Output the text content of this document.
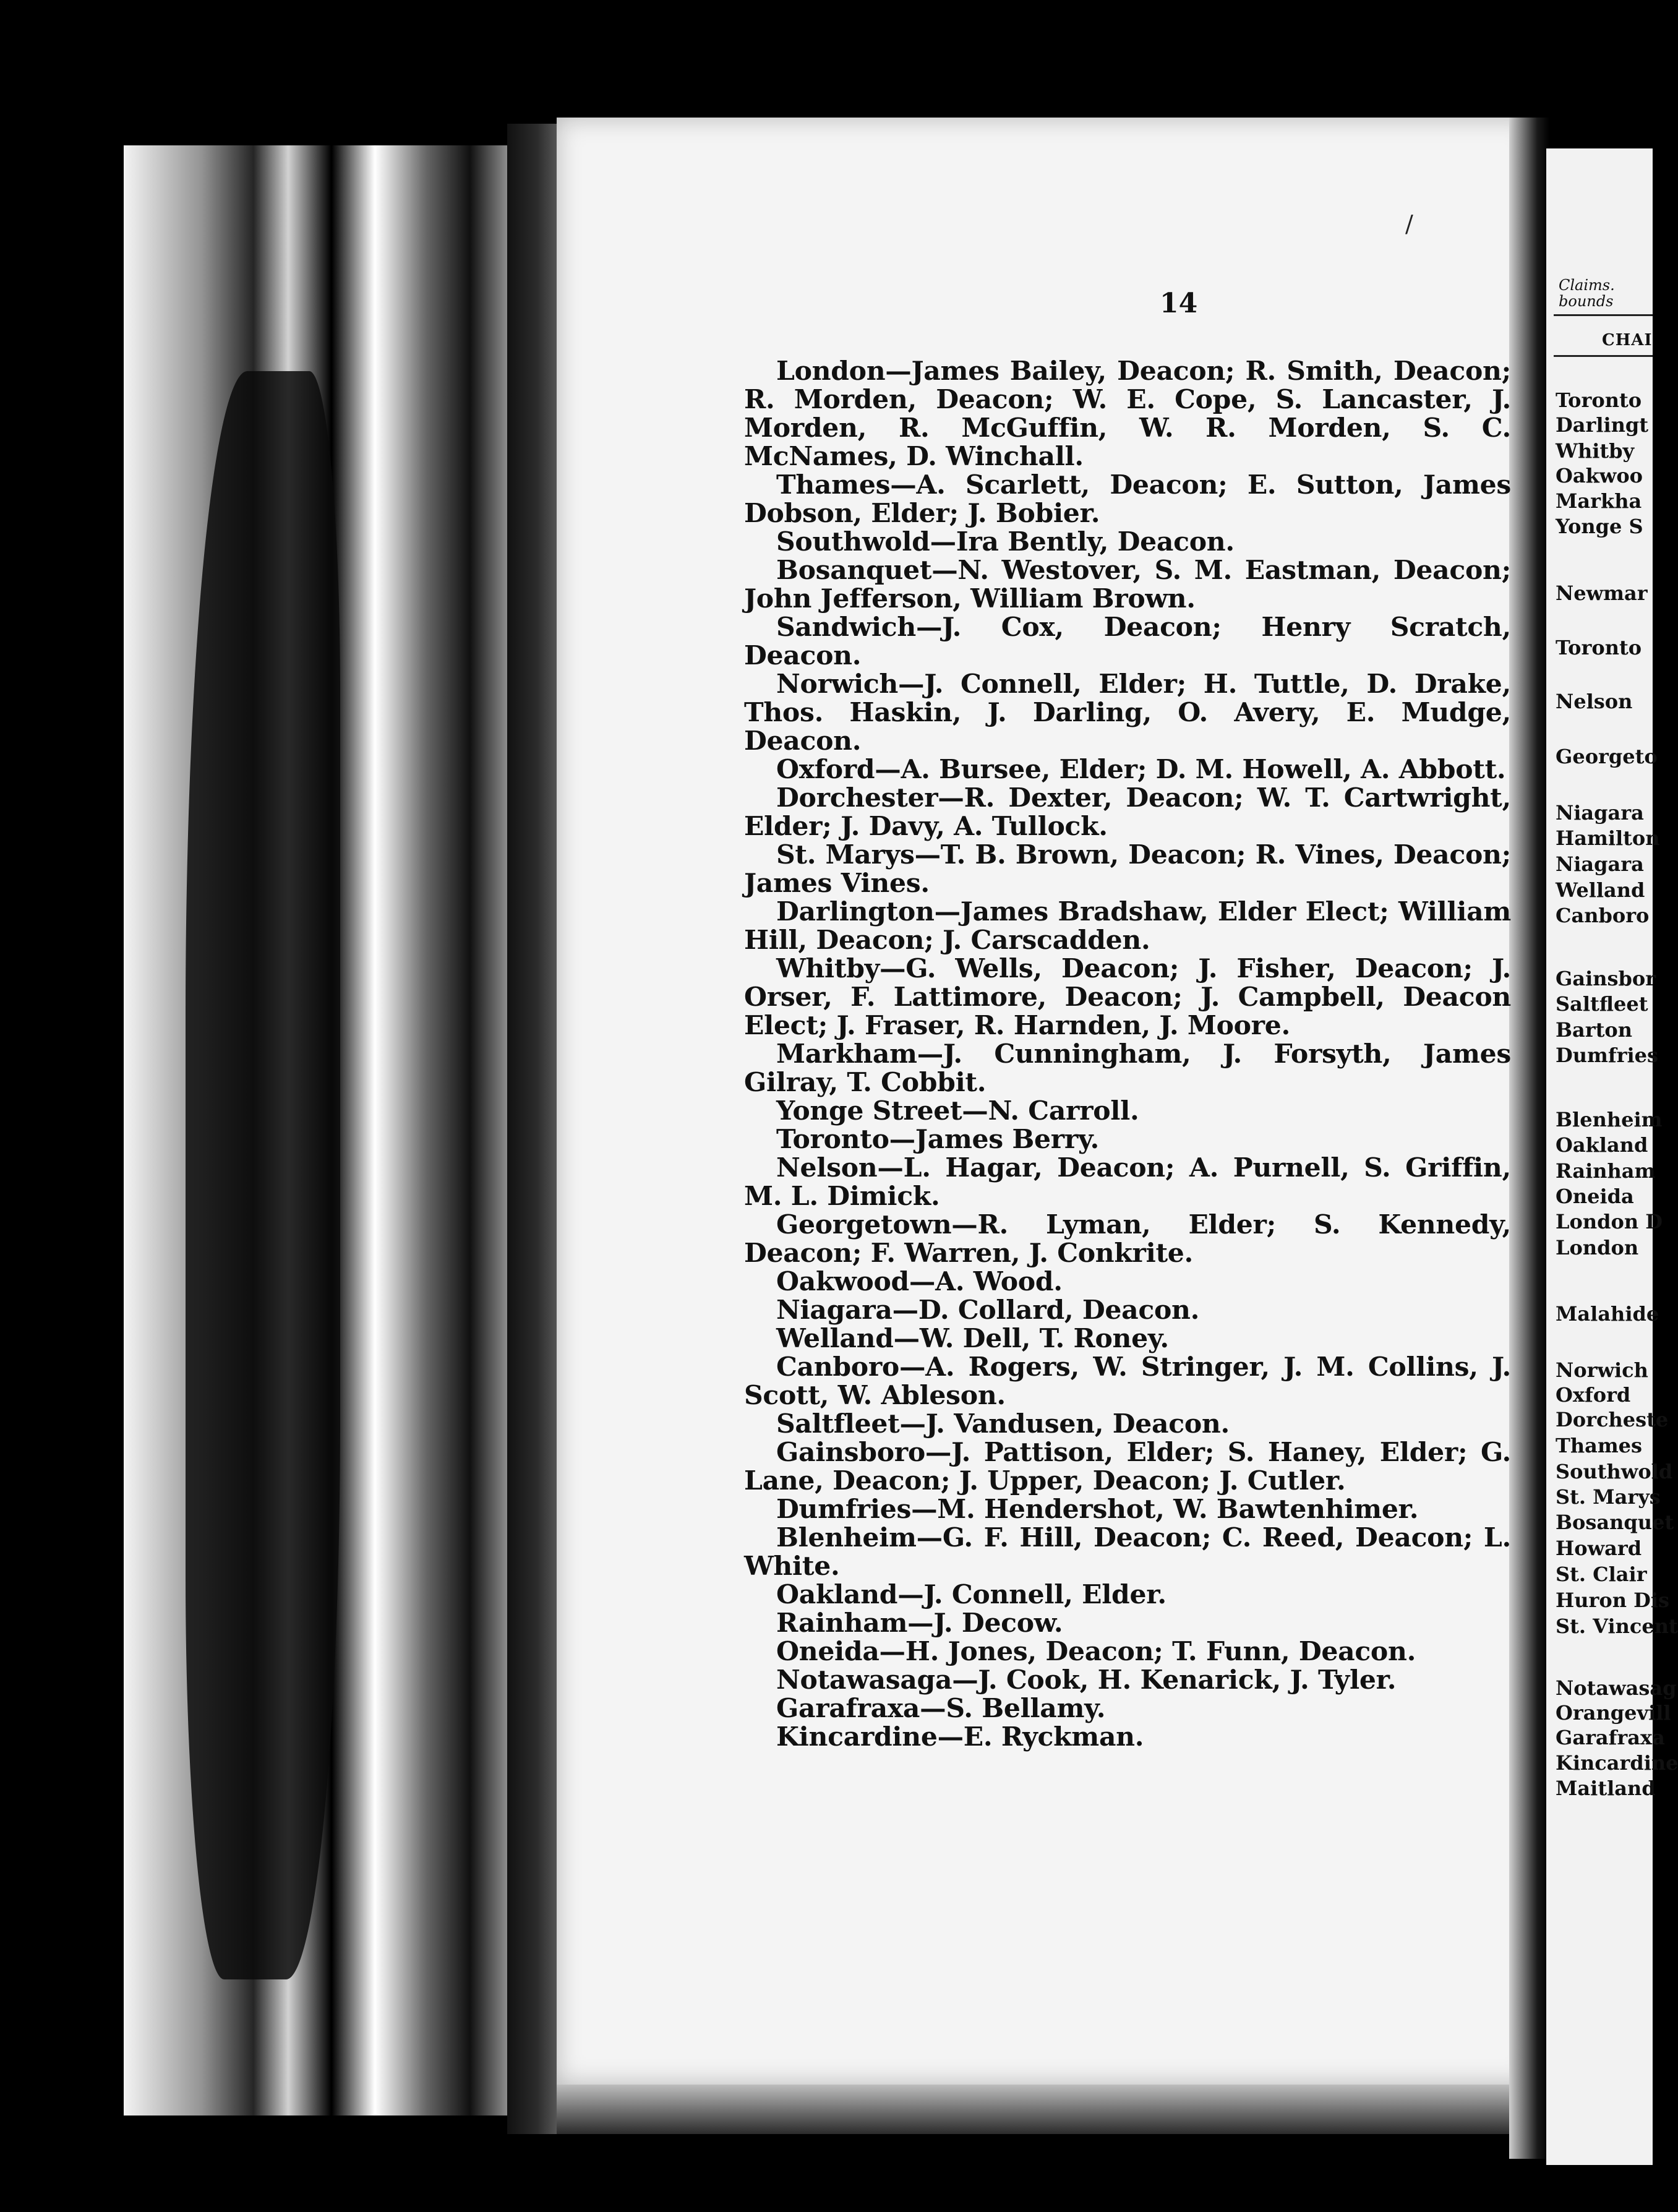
/
14

London—James Bailey, Deacon; R. Smith, Deacon; R. Morden, Deacon; W. E. Cope, S. Lancaster, J. Morden, R. McGuffin, W. R. Morden, S. C. McNames, D. Winchall.

Thames—A. Scarlett, Deacon; E. Sutton, James Dobson, Elder; J. Bobier.

Southwold—Ira Bently, Deacon.

Bosanquet—N. Westover, S. M. Eastman, Deacon; John Jefferson, William Brown.

Sandwich—J. Cox, Deacon; Henry Scratch, Deacon.

Norwich—J. Connell, Elder; H. Tuttle, D. Drake, Thos. Haskin, J. Darling, O. Avery, E. Mudge, Deacon.

Oxford—A. Bursee, Elder; D. M. Howell, A. Abbott.

Dorchester—R. Dexter, Deacon; W. T. Cartwright, Elder; J. Davy, A. Tullock.

St. Marys—T. B. Brown, Deacon; R. Vines, Deacon; James Vines.

Darlington—James Bradshaw, Elder Elect; William Hill, Deacon; J. Carscadden.

Whitby—G. Wells, Deacon; J. Fisher, Deacon; J. Orser, F. Lattimore, Deacon; J. Campbell, Deacon Elect; J. Fraser, R. Harnden, J. Moore.

Markham—J. Cunningham, J. Forsyth, James Gilray, T. Cobbit.

Yonge Street—N. Carroll.

Toronto—James Berry.

Nelson—L. Hagar, Deacon; A. Purnell, S. Griffin, M. L. Dimick.

Georgetown—R. Lyman, Elder; S. Kennedy, Deacon; F. Warren, J. Conkrite.

Oakwood—A. Wood.

Niagara—D. Collard, Deacon.

Welland—W. Dell, T. Roney.

Canboro—A. Rogers, W. Stringer, J. M. Collins, J. Scott, W. Ableson.

Saltfleet—J. Vandusen, Deacon.

Gainsboro—J. Pattison, Elder; S. Haney, Elder; G. Lane, Deacon; J. Upper, Deacon; J. Cutler.

Dumfries—M. Hendershot, W. Bawtenhimer.

Blenheim—G. F. Hill, Deacon; C. Reed, Deacon; L. White.

Oakland—J. Connell, Elder.

Rainham—J. Decow.

Oneida—H. Jones, Deacon; T. Funn, Deacon.

Notawasaga—J. Cook, H. Kenarick, J. Tyler.

Garafraxa—S. Bellamy.

Kincardine—E. Ryckman.

Claims.
bounds
CHAI
Toronto
Darlingt
Whitby
Oakwoo
Markha
Yonge S
Newmar
Toronto
Nelson
Georgeto
Niagara
Hamilton
Niagara
Welland
Canboro
Gainsbor
Saltfleet
Barton
Dumfries
Blenheim
Oakland
Rainham
Oneida
London D
London
Malahide
Norwich
Oxford
Dorcheste
Thames
Southwold
St. Marys
Bosanquet
Howard
St. Clair
Huron Dis
St. Vincent
Notawasag
Orangevill
Garafraxa
Kincardine
Maitland
